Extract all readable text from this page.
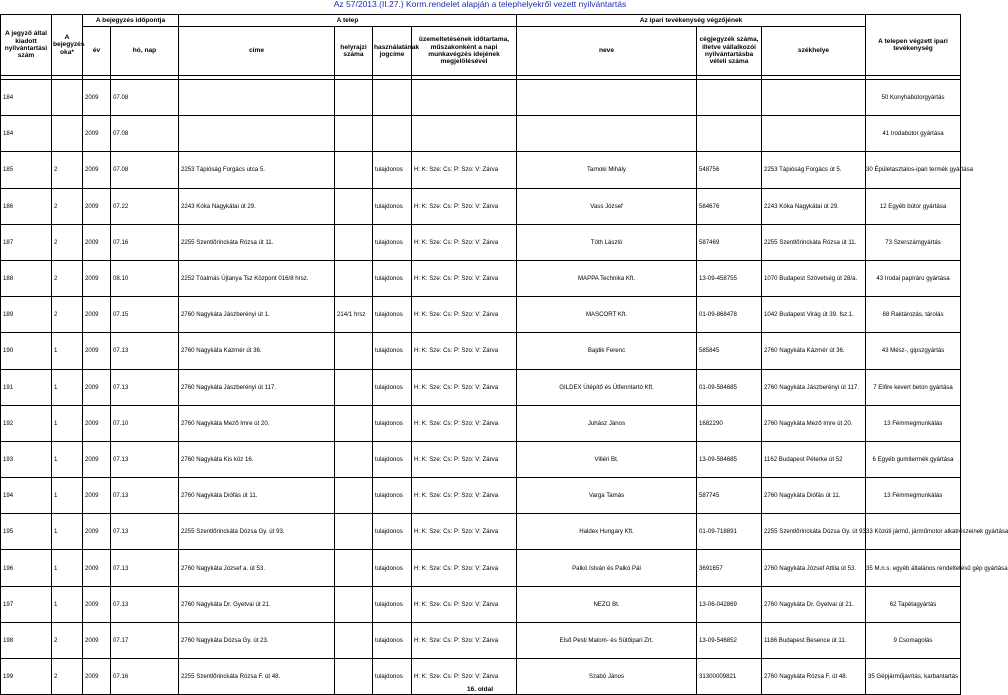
Az 57/2013.(II.27.) Korm.rendelet alapján a telephelyekről vezett nyilvántartás
A jegyző által kiadott nyilvántartási szám	A bejegyzés oka*	A bejegyzés időpontja		A telep				Az ipari tevékenység végzőjének			A telepen végzett ipari tevékenység
		év	hó, nap	címe	helyrajzi száma	használatának jogcíme	üzemeltetésének időtartama, műszakonként a napi munkavégzés idejének megjelölésével	neve	cégjegyzék száma, illetve vállalkozói nyilvántartásba vételi száma	székhelye	

184		2009	07.08								50 Konyhabútorgyártás
184		2009	07.08								41 Irodabútor gyártása
185	2	2009	07.08	2253 Tápióság Forgács utca 5.		tulajdonos	H: K: Sze: Cs: P: Szo: V: Zárva	Tarnoki Mihály	548756	2253 Tápióság Forgács út 5.	30 Épületasztalos-ipari termék gyártása
186	2	2009	07.22	2243 Kóka Nagykátai út 29.		tulajdonos	H: K: Sze: Cs: P: Szo: V: Zárva	Vass József	584676	2243 Kóka Nagykátai út 29.	12 Egyéb bútor gyártása
187	2	2009	07.16	2255 Szentlőrinckáta Rózsa út 11.		tulajdonos	H: K: Sze: Cs: P: Szo: V: Zárva	Tóth László	587469	2255 Szentlőrinckáta Rózsa út 11.	73 Szerszámgyártás
188	2	2009	08.10	2252 Tóalmás Újtanya Tsz Központ 016/8 hrsz.		tulajdonos	H: K: Sze: Cs: P: Szo: V: Zárva	MAPPA Technika Kft.	13-09-458755	1070 Budapest Szövetség út 28/a.	43 Irodai papíráru gyártása
189	2	2009	07.15	2760 Nagykáta Jászberényi út 1.	214/1 hrsz	tulajdonos	H: K: Sze: Cs: P: Szo: V: Zárva	MASCORT Kft.	01-09-868478	1042 Budapest Virág út 39. fsz.1.	68 Raktározás, tárolás
190	1	2009	07.13	2760 Nagykáta Kázmér út 36.		tulajdonos	H: K: Sze: Cs: P: Szo: V: Zárva	Bajdik Ferenc	585845	2760 Nagykáta Kázmér út 36.	43 Mész-, gipszgyártás
191	1	2009	07.13	2760 Nagykáta Jászberényi út 117.		tulajdonos	H: K: Sze: Cs: P: Szo: V: Zárva	GILDEX Útépítő és Útfenntartó Kft.	01-09-584685	2760 Nagykáta Jászberényi út 117.	7 Előre kevert beton gyártása
192	1	2009	07.10	2760 Nagykáta Mező Imre út 20.		tulajdonos	H: K: Sze: Cs: P: Szo: V: Zárva	Juhász János	1682290	2760 Nagykáta Mező Imre út 20.	13 Fémmegmunkálás
193	1	2009	07.13	2760 Nagykáta Kis köz 16.		tulajdonos	H: K: Sze: Cs: P: Szo: V: Zárva	Villéri Bt.	13-09-584685	1162 Budapest Péterke út 52	6 Egyéb gumitermék gyártása
194	1	2009	07.13	2760 Nagykáta Diófás út 11.		tulajdonos	H: K: Sze: Cs: P: Szo: V: Zárva	Varga Tamás	587745	2760 Nagykáta Diófás út 11.	13 Fémmegmunkálás
195	1	2009	07.13	2255 Szentlőrinckáta Dózsa Gy. út 93.		tulajdonos	H: K: Sze: Cs: P: Szo: V: Zárva	Haldex Hungary Kft.	01-09-718891	2255 Szentlőrinckáta Dózsa Gy. út 93.	33 Közúti jármű, járműmotor alkatrészeinek gyártása
196	1	2009	07.13	2760 Nagykáta József a. út 53.		tulajdonos	H: K: Sze: Cs: P: Szo: V: Zárva	Palkó István és Palkó Pál	3691657	2760 Nagykáta József Attila út 53.	35 M.n.s. egyéb általános rendeltetésű gép gyártása
197	1	2009	07.13	2760 Nagykáta Dr. Gyetvai út 21.		tulajdonos	H: K: Sze: Cs: P: Szo: V: Zárva	NEZO Bt.	13-06-042869	2760 Nagykáta Dr. Gyetvai út 21.	62 Tapétagyártás
198	2	2009	07.17	2760 Nagykáta Dózsa Gy. út 23.		tulajdonos	H: K: Sze: Cs: P: Szo: V: Zárva	Első Pesti Malom- és Sütőipari Zrt.	13-09-546852	1186 Budapest Besence út 11.	9 Csomagolás
199	2	2009	07.16	2255 Szentlőrinckáta Rózsa F. út 48.		tulajdonos	H: K: Sze: Cs: P: Szo: V: Zárva	Szabó János	31300009821	2760 Nagykáta Rózsa F. út 48.	35 Gépjárműjavítás, karbantartás
16. oldal
